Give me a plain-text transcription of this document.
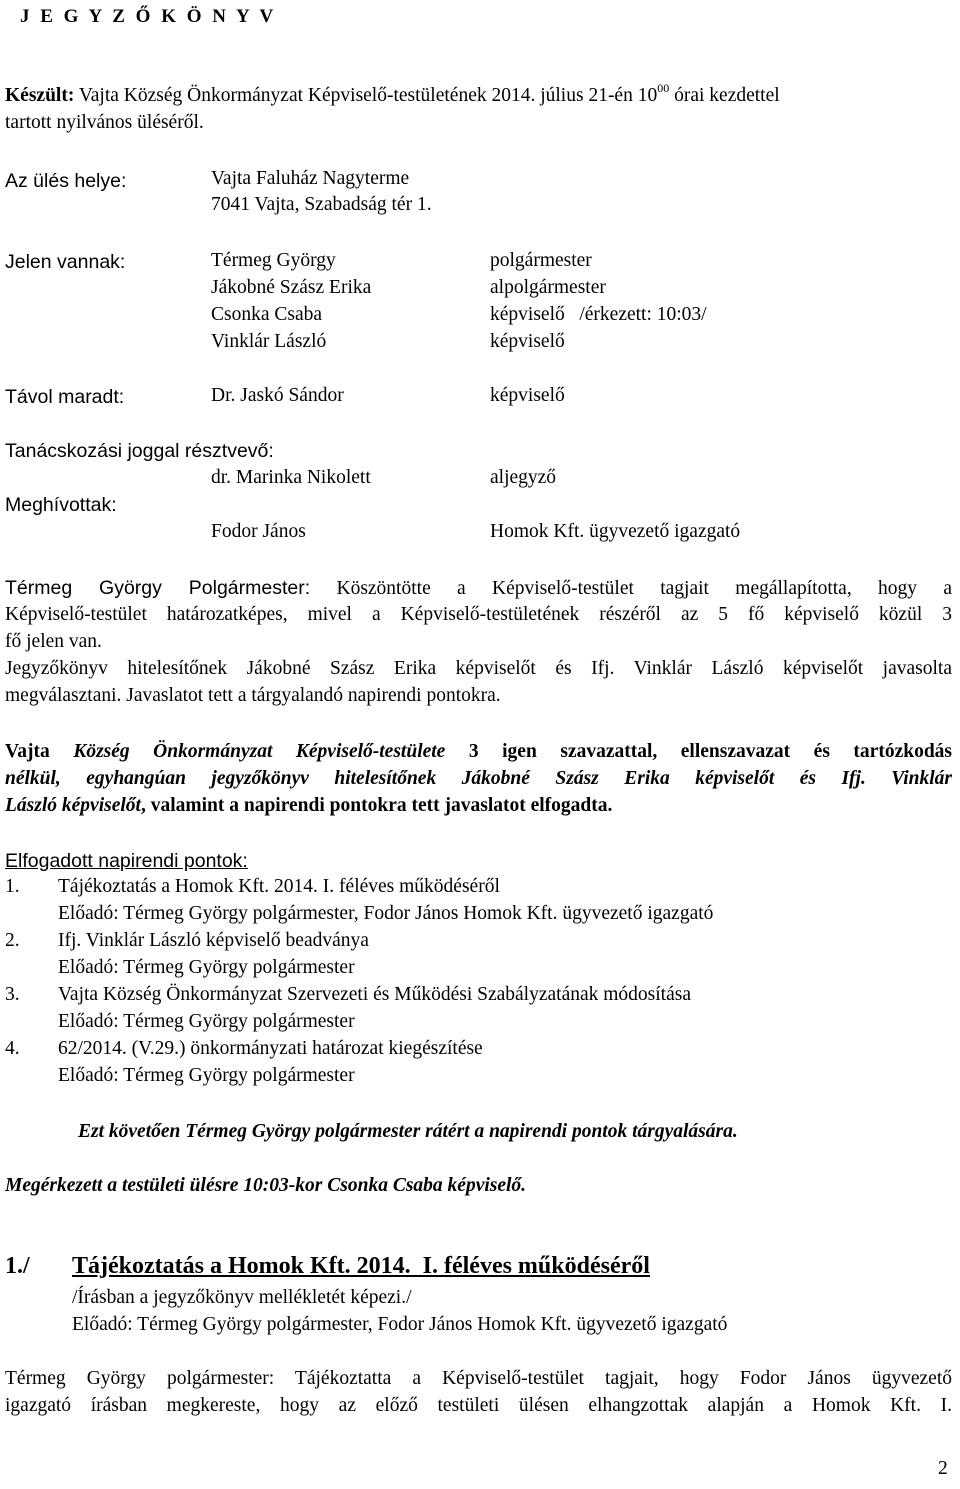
J E G Y Z Ő K Ö N Y V
Készült: Vajta Község Önkormányzat Képviselő-testületének 2014. július 21-én $10^{00}$ órai kezdettel
tartott nyilvános üléséről.
Az ülés helye:	Vajta Faluház Nagyterme
7041 Vajta, Szabadság tér 1.
Jelen vannak:	Térmeg György	polgármester
Jákobné Szász Erika	alpolgármester
Csonka Csaba	képviselő   /érkezett: 10:03/
Vinklár László	képviselő
Távol maradt:	Dr. Jaskó Sándor	képviselő
Tanácskozási joggal résztvevő:
dr. Marinka Nikolett	aljegyző
Meghívottak:
Fodor János	Homok Kft. ügyvezető igazgató
Térmeg György Polgármester: Köszöntötte a Képviselő-testület tagjait megállapította, hogy a
Képviselő-testület határozatképes, mivel a Képviselő-testületének részéről az 5 fő képviselő közül 3
fő jelen van.
Jegyzőkönyv hitelesítőnek Jákobné Szász Erika képviselőt és Ifj. Vinklár László képviselőt javasolta
megválasztani. Javaslatot tett a tárgyalandó napirendi pontokra.
Vajta Község Önkormányzat Képviselő-testülete 3 igen szavazattal, ellenszavazat és tartózkodás
nélkül, egyhangúan jegyzőkönyv hitelesítőnek Jákobné Szász Erika képviselőt és Ifj. Vinklár
László képviselőt, valamint a napirendi pontokra tett javaslatot elfogadta.
Elfogadott napirendi pontok:
1. Tájékoztatás a Homok Kft. 2014. I. féléves működéséről
Előadó: Térmeg György polgármester, Fodor János Homok Kft. ügyvezető igazgató
2. Ifj. Vinklár László képviselő beadványa
Előadó: Térmeg György polgármester
3. Vajta Község Önkormányzat Szervezeti és Működési Szabályzatának módosítása
Előadó: Térmeg György polgármester
4. 62/2014. (V.29.) önkormányzati határozat kiegészítése
Előadó: Térmeg György polgármester
Ezt követően Térmeg György polgármester rátért a napirendi pontok tárgyalására.
Megérkezett a testületi ülésre 10:03-kor Csonka Csaba képviselő.
1./ Tájékoztatás a Homok Kft. 2014.  I. féléves működéséről
/Írásban a jegyzőkönyv mellékletét képezi./
Előadó: Térmeg György polgármester, Fodor János Homok Kft. ügyvezető igazgató
Térmeg György polgármester: Tájékoztatta a Képviselő-testület tagjait, hogy Fodor János ügyvezető
igazgató írásban megkereste, hogy az előző testületi ülésen elhangzottak alapján a Homok Kft. I.
2
